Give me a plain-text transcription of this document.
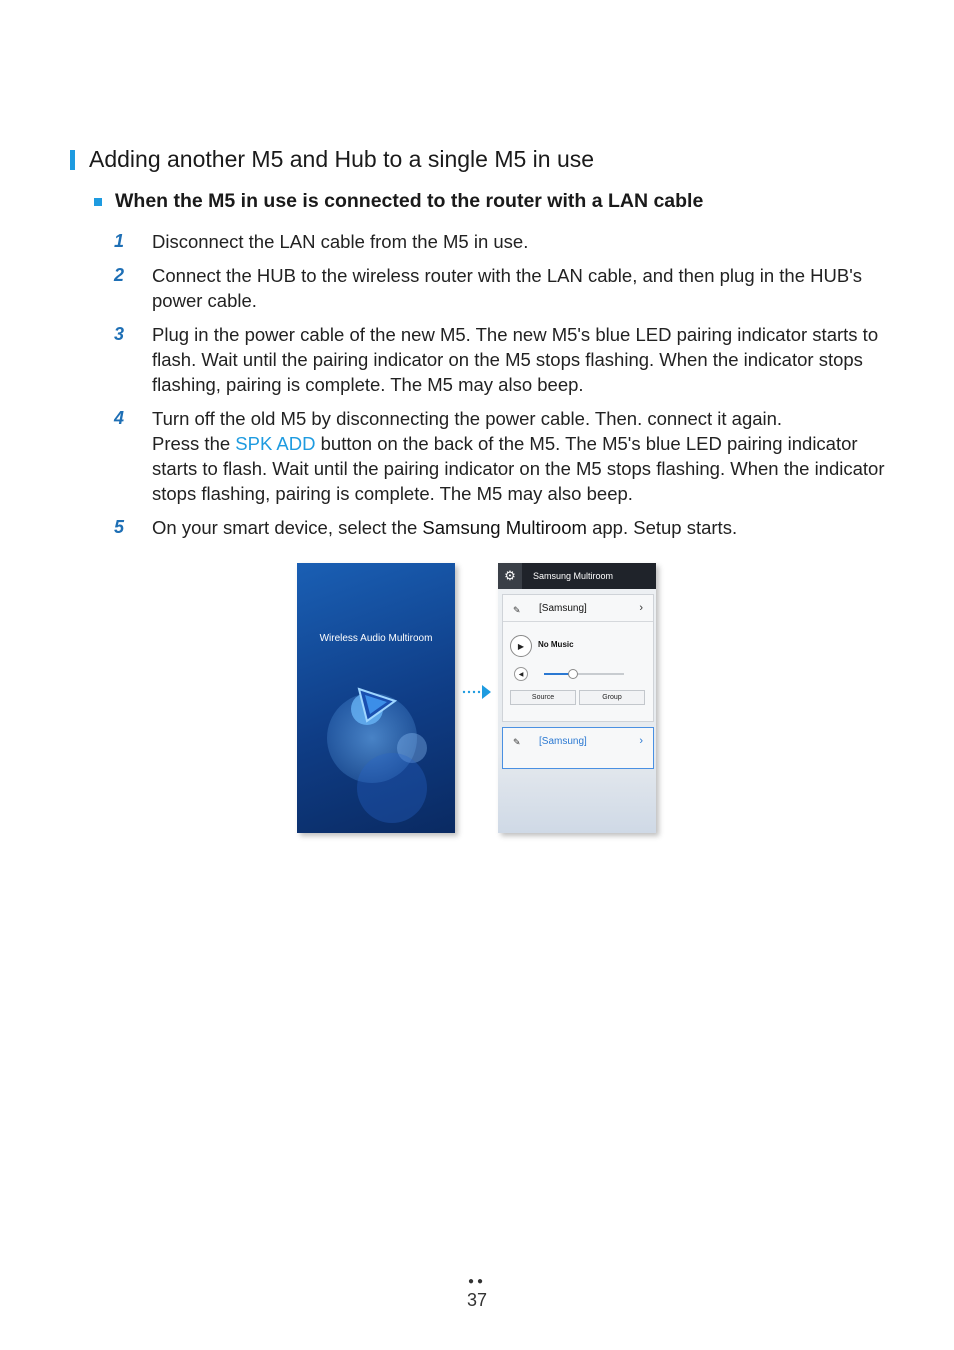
Adding another M5 and Hub to a single M5 in use
When the M5 in use is connected to the router with a LAN cable
1	Disconnect the LAN cable from the M5 in use.
2	Connect the HUB to the wireless router with the LAN cable, and then plug in the HUB's power cable.
3	Plug in the power cable of the new M5. The new M5's blue LED pairing indicator starts to flash. Wait until the pairing indicator on the M5 stops flashing. When the indicator stops flashing, pairing is complete. The M5 may also beep.
4	Turn off the old M5 by disconnecting the power cable. Then. connect it again.
Press the SPK ADD button on the back of the M5. The M5's blue LED pairing indicator starts to flash. Wait until the pairing indicator on the M5 stops flashing. When the indicator stops flashing, pairing is complete. The M5 may also beep.
5	On your smart device, select the Samsung Multiroom app. Setup starts.
Wireless Audio Multiroom
⚙	Samsung Multiroom
✎ [Samsung]	›
▶	No Music
◀
Source	Group
✎ [Samsung]	›
●●
37
